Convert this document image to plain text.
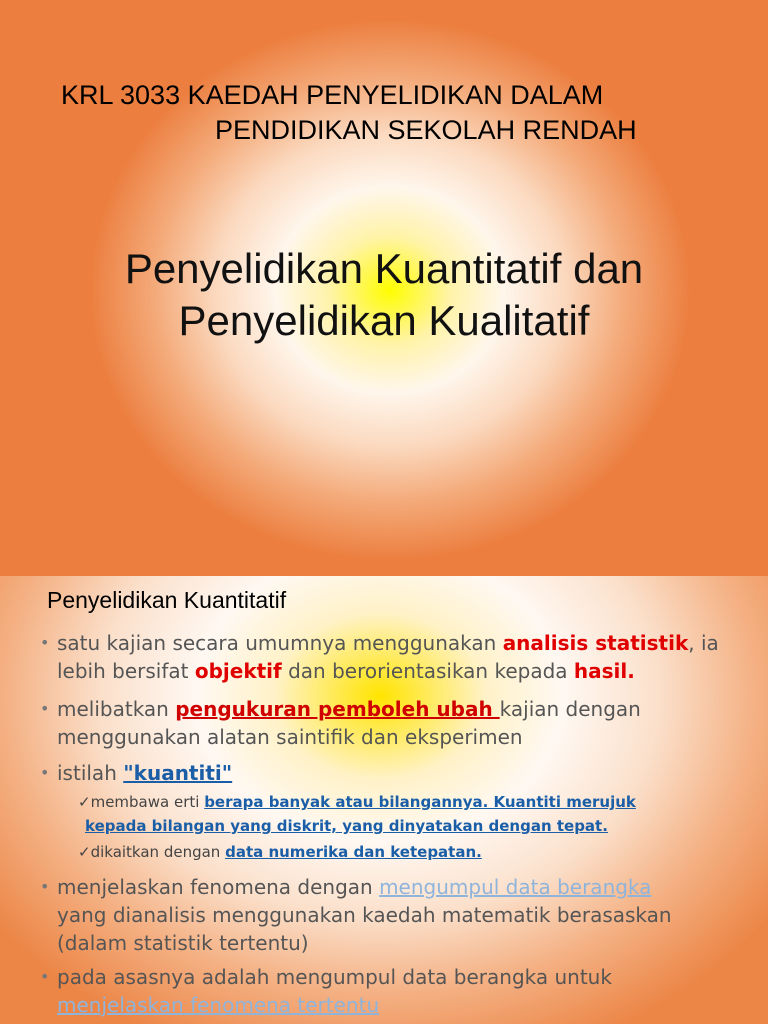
KRL 3033 KAEDAH PENYELIDIKAN DALAM
PENDIDIKAN SEKOLAH RENDAH
Penyelidikan Kuantitatif dan
Penyelidikan Kualitatif
Penyelidikan Kuantitatif
• satu kajian secara umumnya menggunakan analisis statistik, ia
lebih bersifat objektif dan berorientasikan kepada hasil.
• melibatkan pengukuran pemboleh ubah kajian dengan
menggunakan alatan saintifik dan eksperimen
• istilah "kuantiti"
✓membawa erti berapa banyak atau bilangannya. Kuantiti merujuk
kepada bilangan yang diskrit, yang dinyatakan dengan tepat.
✓dikaitkan dengan data numerika dan ketepatan.
• menjelaskan fenomena dengan mengumpul data berangka
yang dianalisis menggunakan kaedah matematik berasaskan
(dalam statistik tertentu)
• pada asasnya adalah mengumpul data berangka untuk
menjelaskan fenomena tertentu
